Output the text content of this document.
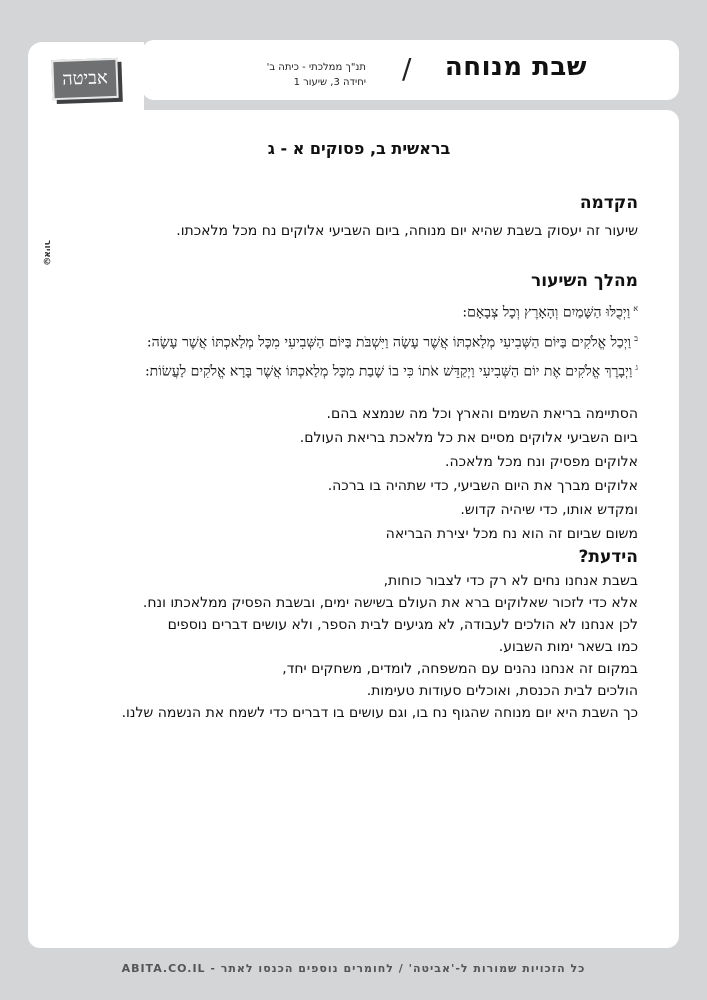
אביטה	שבת מנוחה
/
תנ"ך ממלכתי - כיתה ב'
יחידה 3, שיעור 1
איור©
בראשית ב, פסוקים א - ג
הקדמה

שיעור זה יעסוק בשבת שהיא יום מנוחה, ביום השביעי אלוקים נח מכל מלאכתו.

מהלך השיעור

$^א$וַיְכֻלּוּ הַשָּׁמַיִם וְהָאָרֶץ וְכָל צְבָאָם:

$^ב$וַיְכַל אֱלֹקִים בַּיּוֹם הַשְּׁבִיעִי מְלַאכְתּוֹ אֲשֶׁר עָשָׂה וַיִּשְׁבֹּת בַּיּוֹם הַשְּׁבִיעִי מִכָּל מְלַאכְתּוֹ אֲשֶׁר עָשָׂה:

$^ג$וַיְבָרֶךְ אֱלֹקִים אֶת יוֹם הַשְּׁבִיעִי וַיְקַדֵּשׁ אֹתוֹ כִּי בוֹ שָׁבַת מִכָּל מְלַאכְתּוֹ אֲשֶׁר בָּרָא אֱלֹקִים לַעֲשׂוֹת:

הסתיימה בריאת השמים והארץ וכל מה שנמצא בהם.

ביום השביעי אלוקים מסיים את כל מלאכת בריאת העולם.

אלוקים מפסיק ונח מכל מלאכה.

אלוקים מברך את היום השביעי, כדי שתהיה בו ברכה.

ומקדש אותו, כדי שיהיה קדוש.

משום שביום זה הוא נח מכל יצירת הבריאה

הידעת?

בשבת אנחנו נחים לא רק כדי לצבור כוחות,

אלא כדי לזכור שאלוקים ברא את העולם בשישה ימים, ובשבת הפסיק ממלאכתו ונח.

לכן אנחנו לא הולכים לעבודה, לא מגיעים לבית הספר, ולא עושים דברים נוספים

כמו בשאר ימות השבוע.

במקום זה אנחנו נהנים עם המשפחה, לומדים, משחקים יחד,

הולכים לבית הכנסת, ואוכלים סעודות טעימות.

כך השבת היא יום מנוחה שהגוף נח בו, וגם עושים בו דברים כדי לשמח את הנשמה שלנו.

כל הזכויות שמורות ל-'אביטה' / לחומרים נוספים הכנסו לאתר - ABITA.CO.IL
